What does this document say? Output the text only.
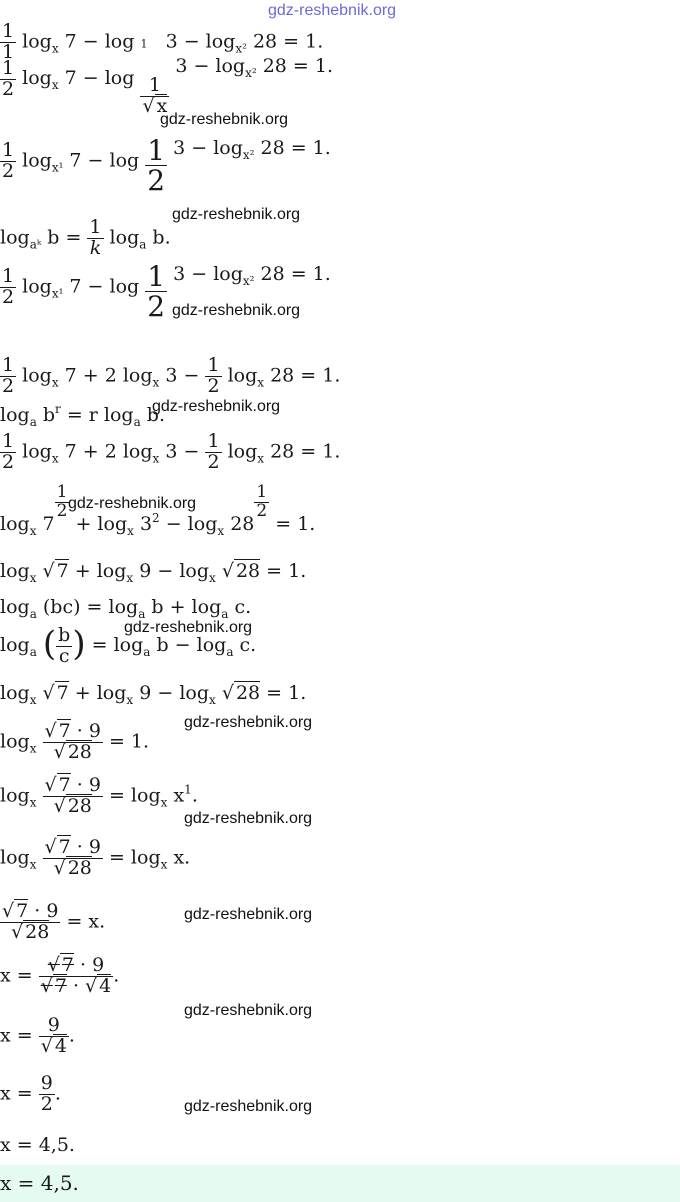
gdz-reshebnik.org
$\frac{1}{1} \log_x 7 - \log 1$   $3 - \log_{x^2} 28 = 1$.
$\frac{1}{2} \log_x 7 - \log \frac{1}{√ x}$
$3 - \log_{x^2} 28 = 1$.
gdz-reshebnik.org
$\frac{1}{2} \log_{x^1} 7 - \log \frac{1}{2} 3 - \log_{x^2} 28 = 1$.
gdz-reshebnik.org
$\log_{aᵏ} b = \frac{1}{k} \log_a b$.
$\frac{1}{2} \log_{x^1} 7 - \log \frac{1}{2} 3 - \log_{x^2} 28 = 1$.
gdz-reshebnik.org
$\frac{1}{2} \log_x 7 + 2$ $\log_x 3 - \frac{1}{2} \log_x 28 = 1$.
$\log_a b^r = r$ $\log_a b$.
gdz-reshebnik.org
$\frac{1}{2} \log_x 7 + 2$ $\log_x 3 - \frac{1}{2} \log_x 28 = 1$.
$\log_x 7$
$\frac{1}{2}$
+ $\log_x 3^2 - \log_x 28$
$\frac{1}{2}$
= 1.
gdz-reshebnik.org
$\log_x$ √ $7 + \log_x 9 - \log_x$ √ 28 = 1.
$\log_a (bc) = \log_a b + \log_a c$.
gdz-reshebnik.org
$\log_a$ ( $\frac{b}{c}$ ) = $\log_a b - \log_a c$.
$\log_x$ √ $7 + \log_x 9 - \log_x$ √ 28 = 1.
gdz-reshebnik.org
$\log_x \frac{√ 7 \cdot 9}{√ 28} = 1$.
$\log_x \frac{√ 7 \cdot 9}{√ 28} = \log_x x^1$.
gdz-reshebnik.org
$\log_x \frac{√ 7 \cdot 9}{√ 28} = \log_x x$.
$\frac{√ 7 \cdot 9}{√ 28} = x$.	gdz-reshebnik.org
$x = \frac{√ 7 \cdot 9}{√ 7 \cdot √ 4}$ .
gdz-reshebnik.org
$x = \frac{9}{√ 4}$ .
$x = \frac{9}{2}$ .
gdz-reshebnik.org
x = 4,5.
x = 4,5.
